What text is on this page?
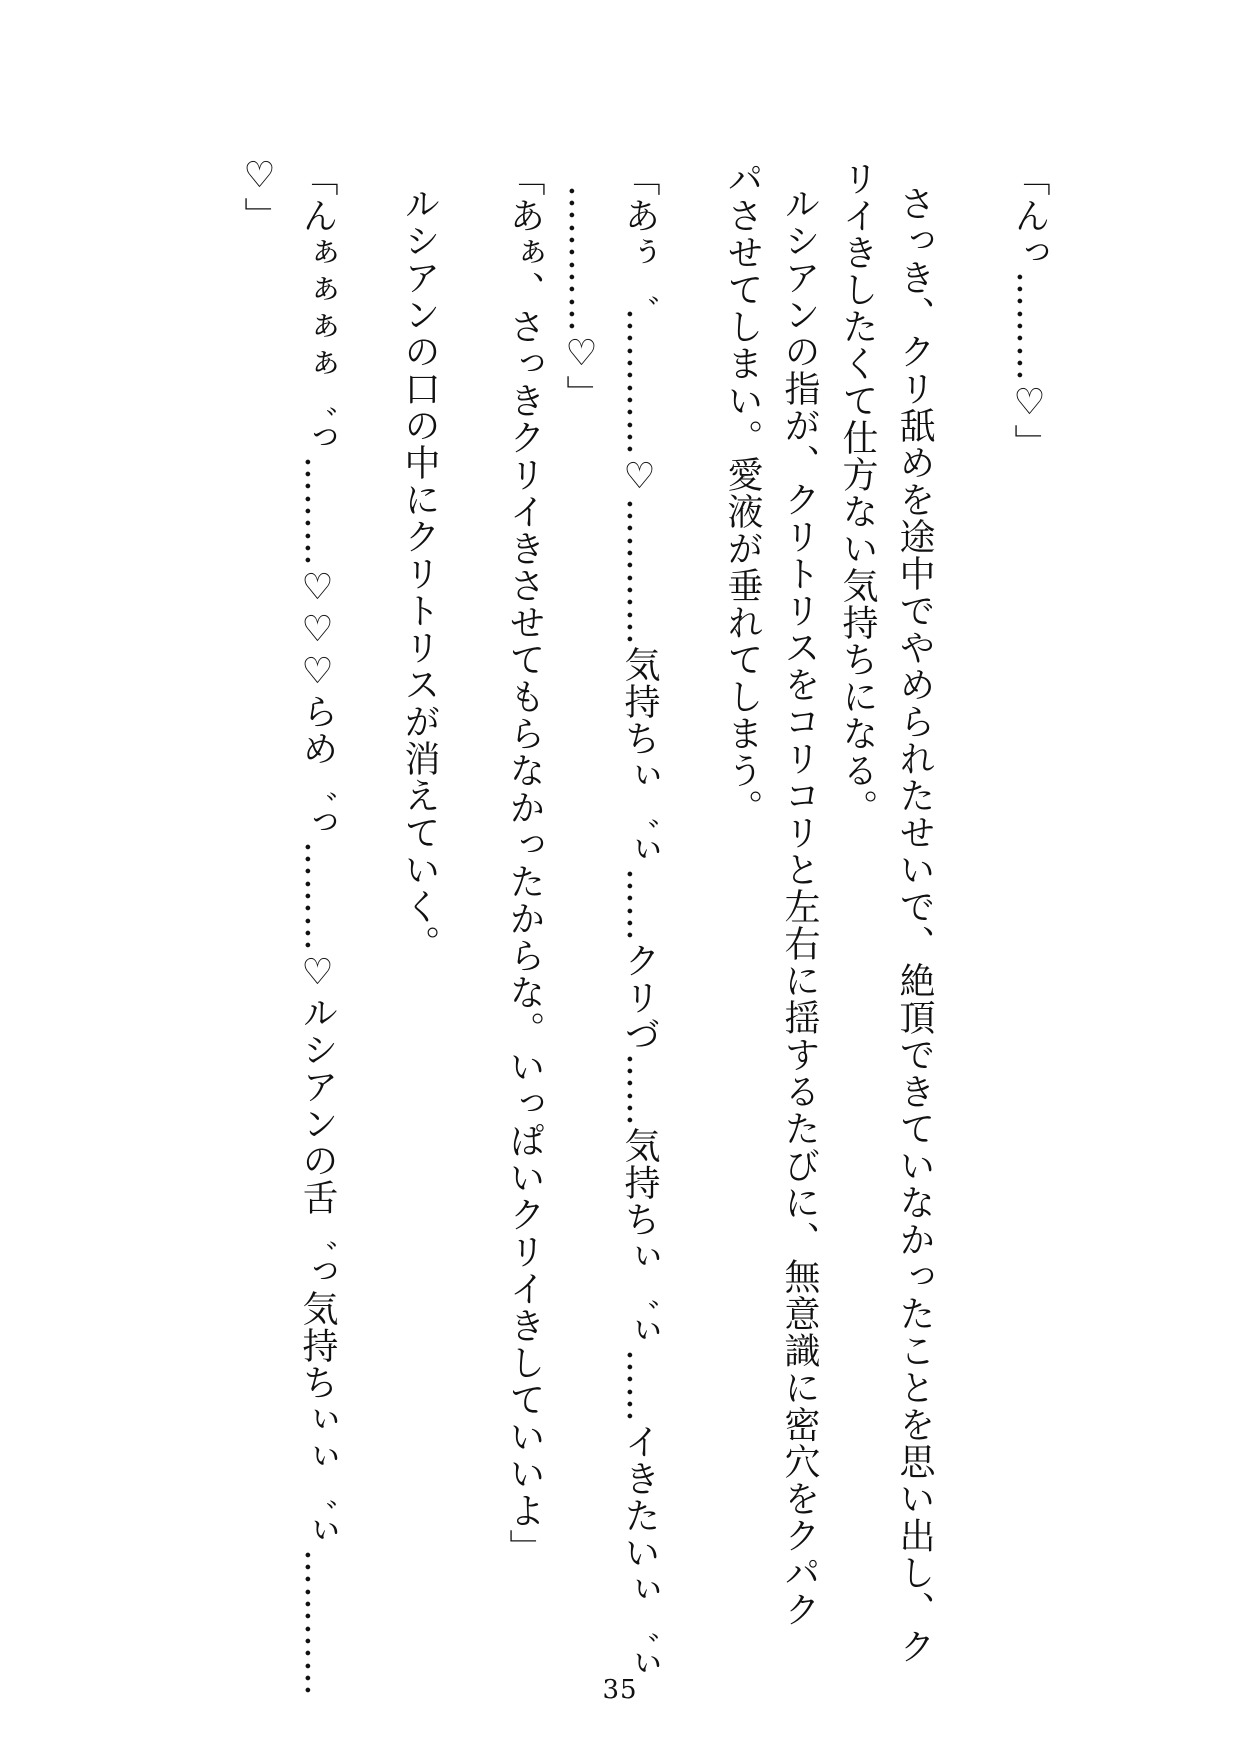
「んっ………♡」
さっき、クリ舐めを途中でやめられたせいで、絶頂できていなかったことを思い出し、ク
リイきしたくて仕方ない気持ちになる。
ルシアンの指が、クリトリスをコリコリと左右に揺するたびに、無意識に密穴をクパク
パさせてしまい。愛液が垂れてしまう。
「あぅ゛…………♡…………気持ちぃ゛ぃ……クリづ……気持ちぃ゛ぃ……イきたいぃ゛ぃ
…………♡」
「あぁ、さっきクリイきさせてもらなかったからな。いっぱいクリイきしていいよ」
ルシアンの口の中にクリトリスが消えていく。
「んぁぁぁぁ゛っ………♡♡♡らめ゛っ………♡ルシアンの舌゛っ気持ちぃぃ゛ぃ…………
♡」
35
